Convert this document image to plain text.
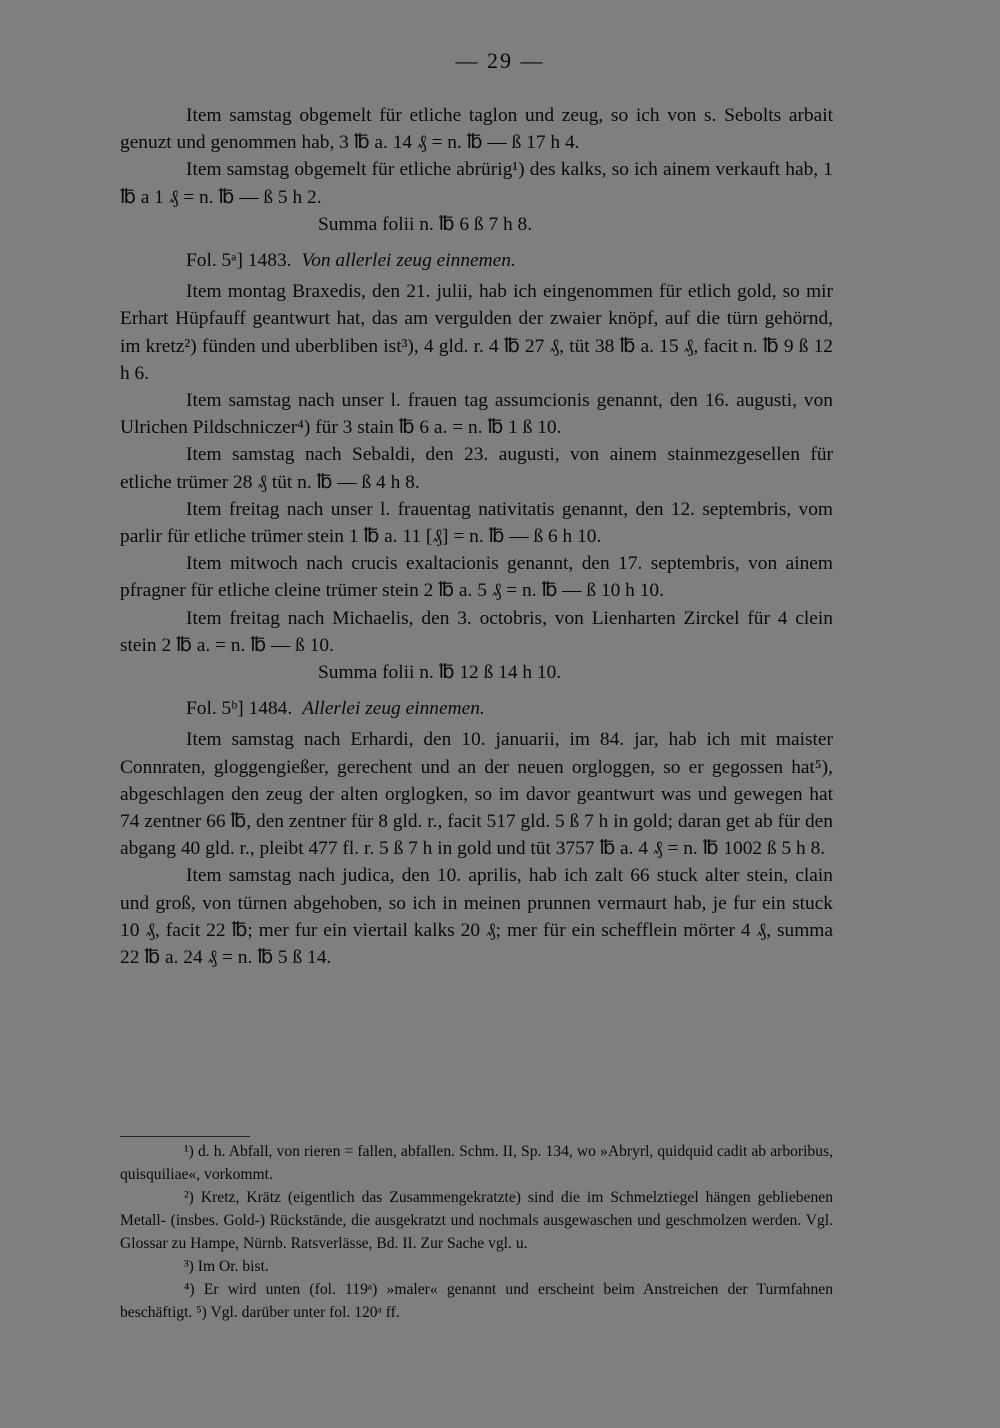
— 29 —

Item samstag obgemelt für etliche taglon und zeug, so ich von s. Sebolts arbait genuzt und genommen hab, 3 ℔ a. 14 ₰ = n. ℔ — ß 17 h 4.

Item samstag obgemelt für etliche abrürig¹) des kalks, so ich ainem verkauft hab, 1 ℔ a 1 ₰ = n. ℔ — ß 5 h 2.

Summa folii n. ℔ 6 ß 7 h 8.

Fol. 5ᵃ] 1483. Von allerlei zeug einnemen.

Item montag Braxedis, den 21. julii, hab ich eingenommen für etlich gold, so mir Erhart Hüpfauff geantwurt hat, das am vergulden der zwaier knöpf, auf die türn gehörnd, im kretz²) fünden und uberbliben ist³), 4 gld. r. 4 ℔ 27 ₰, tüt 38 ℔ a. 15 ₰, facit n. ℔ 9 ß 12 h 6.

Item samstag nach unser l. frauen tag assumcionis genannt, den 16. augusti, von Ulrichen Pildschniczer⁴) für 3 stain ℔ 6 a. = n. ℔ 1 ß 10.

Item samstag nach Sebaldi, den 23. augusti, von ainem stainmezgesellen für etliche trümer 28 ₰ tüt n. ℔ — ß 4 h 8.

Item freitag nach unser l. frauentag nativitatis genannt, den 12. septembris, vom parlir für etliche trümer stein 1 ℔ a. 11 [₰] = n. ℔ — ß 6 h 10.

Item mitwoch nach crucis exaltacionis genannt, den 17. septembris, von ainem pfragner für etliche cleine trümer stein 2 ℔ a. 5 ₰ = n. ℔ — ß 10 h 10.

Item freitag nach Michaelis, den 3. octobris, von Lienharten Zirckel für 4 clein stein 2 ℔ a. = n. ℔ — ß 10.

Summa folii n. ℔ 12 ß 14 h 10.

Fol. 5ᵇ] 1484. Allerlei zeug einnemen.

Item samstag nach Erhardi, den 10. januarii, im 84. jar, hab ich mit maister Connraten, gloggengießer, gerechent und an der neuen orgloggen, so er gegossen hat⁵), abgeschlagen den zeug der alten orglogken, so im davor geantwurt was und gewegen hat 74 zentner 66 ℔, den zentner für 8 gld. r., facit 517 gld. 5 ß 7 h in gold; daran get ab für den abgang 40 gld. r., pleibt 477 fl. r. 5 ß 7 h in gold und tüt 3757 ℔ a. 4 ₰ = n. ℔ 1002 ß 5 h 8.

Item samstag nach judica, den 10. aprilis, hab ich zalt 66 stuck alter stein, clain und groß, von türnen abgehoben, so ich in meinen prunnen vermaurt hab, je fur ein stuck 10 ₰, facit 22 ℔; mer fur ein viertail kalks 20 ₰; mer für ein schefflein mörter 4 ₰, summa 22 ℔ a. 24 ₰ = n. ℔ 5 ß 14.

¹) d. h. Abfall, von rieren = fallen, abfallen. Schm. II, Sp. 134, wo »Abryrl, quidquid cadit ab arboribus, quisquiliae«, vorkommt.

²) Kretz, Krätz (eigentlich das Zusammengekratzte) sind die im Schmelztiegel hängen gebliebenen Metall- (insbes. Gold-) Rückstände, die ausgekratzt und nochmals ausgewaschen und geschmolzen werden. Vgl. Glossar zu Hampe, Nürnb. Ratsverlässe, Bd. II. Zur Sache vgl. u.

³) Im Or. bist.

⁴) Er wird unten (fol. 119ᵃ) »maler« genannt und erscheint beim Anstreichen der Turmfahnen beschäftigt. ⁵) Vgl. darüber unter fol. 120ᵃ ff.
